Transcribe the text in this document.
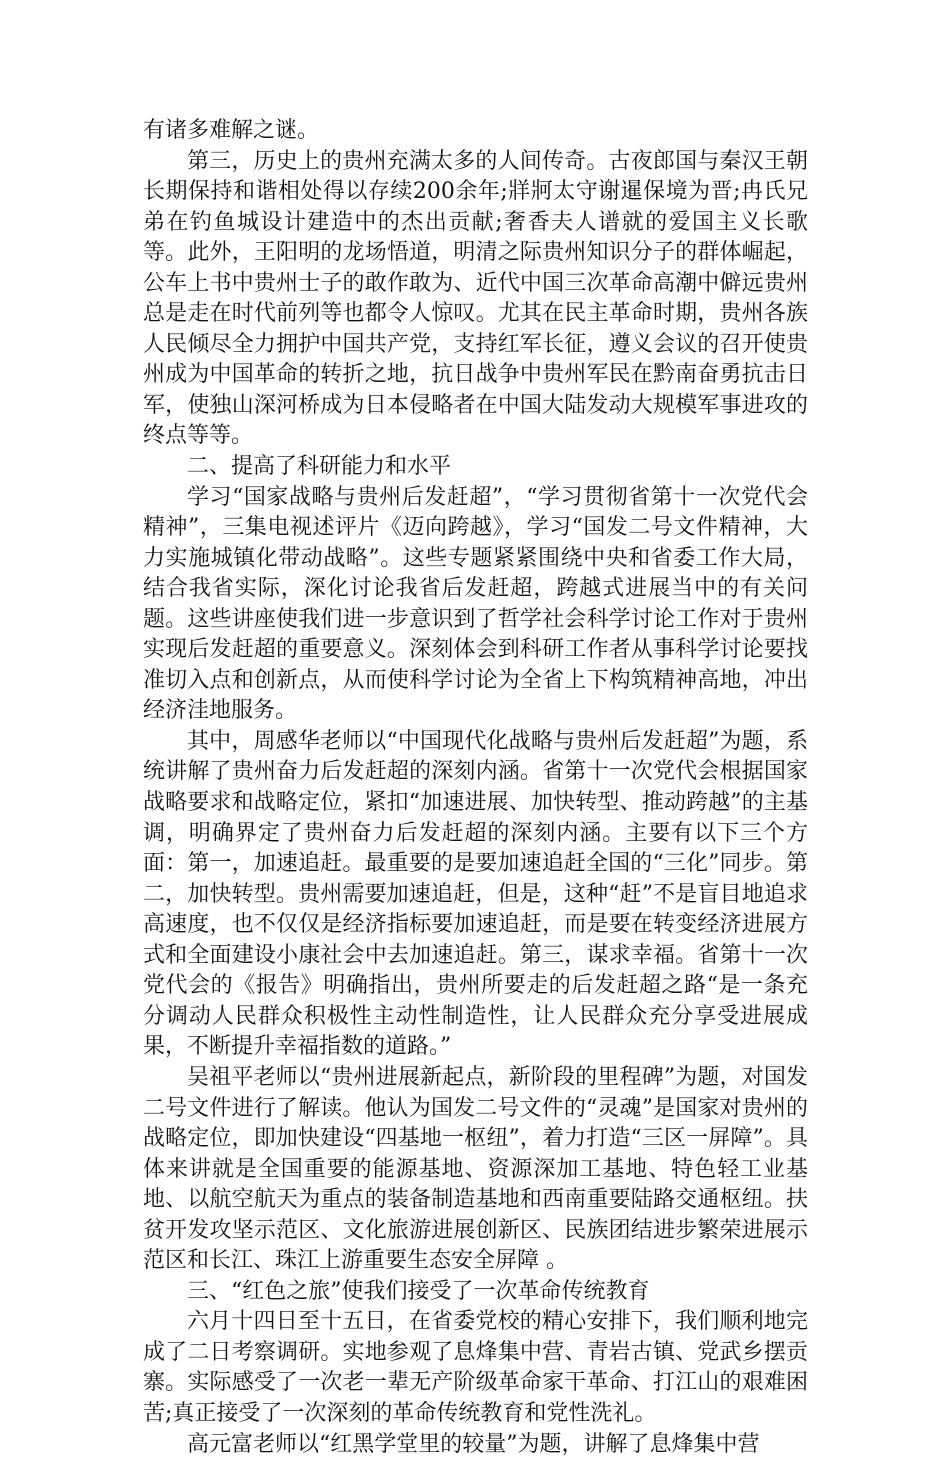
有诸多难解之谜。

第三，历史上的贵州充满太多的人间传奇。古夜郎国与秦汉王朝长期保持和谐相处得以存续200余年;牂牁太守谢暹保境为晋;冉氏兄弟在钓鱼城设计建造中的杰出贡献;奢香夫人谱就的爱国主义长歌等。此外，王阳明的龙场悟道，明清之际贵州知识分子的群体崛起，公车上书中贵州士子的敢作敢为、近代中国三次革命高潮中僻远贵州总是走在时代前列等也都令人惊叹。尤其在民主革命时期，贵州各族人民倾尽全力拥护中国共产党，支持红军长征，遵义会议的召开使贵州成为中国革命的转折之地，抗日战争中贵州军民在黔南奋勇抗击日军，使独山深河桥成为日本侵略者在中国大陆发动大规模军事进攻的终点等等。

二、提高了科研能力和水平

学习“国家战略与贵州后发赶超”，“学习贯彻省第十一次党代会精神”，三集电视述评片《迈向跨越》，学习“国发二号文件精神，大力实施城镇化带动战略”。这些专题紧紧围绕中央和省委工作大局，结合我省实际，深化讨论我省后发赶超，跨越式进展当中的有关问题。这些讲座使我们进一步意识到了哲学社会科学讨论工作对于贵州实现后发赶超的重要意义。深刻体会到科研工作者从事科学讨论要找准切入点和创新点，从而使科学讨论为全省上下构筑精神高地，冲出经济洼地服务。

其中，周感华老师以“中国现代化战略与贵州后发赶超”为题，系统讲解了贵州奋力后发赶超的深刻内涵。省第十一次党代会根据国家战略要求和战略定位，紧扣“加速进展、加快转型、推动跨越”的主基调，明确界定了贵州奋力后发赶超的深刻内涵。主要有以下三个方面：第一，加速追赶。最重要的是要加速追赶全国的“三化”同步。第二，加快转型。贵州需要加速追赶，但是，这种“赶”不是盲目地追求高速度，也不仅仅是经济指标要加速追赶，而是要在转变经济进展方式和全面建设小康社会中去加速追赶。第三，谋求幸福。省第十一次党代会的《报告》明确指出，贵州所要走的后发赶超之路“是一条充分调动人民群众积极性主动性制造性，让人民群众充分享受进展成果，不断提升幸福指数的道路。”

吴祖平老师以“贵州进展新起点，新阶段的里程碑”为题，对国发二号文件进行了解读。他认为国发二号文件的“灵魂”是国家对贵州的战略定位，即加快建设“四基地一枢纽”，着力打造“三区一屏障”。具体来讲就是全国重要的能源基地、资源深加工基地、特色轻工业基地、以航空航天为重点的装备制造基地和西南重要陆路交通枢纽。扶贫开发攻坚示范区、文化旅游进展创新区、民族团结进步繁荣进展示范区和长江、珠江上游重要生态安全屏障 。

三、“红色之旅”使我们接受了一次革命传统教育

六月十四日至十五日，在省委党校的精心安排下，我们顺利地完成了二日考察调研。实地参观了息烽集中营、青岩古镇、党武乡摆贡寨。实际感受了一次老一辈无产阶级革命家干革命、打江山的艰难困苦;真正接受了一次深刻的革命传统教育和党性洗礼。

高元富老师以“红黑学堂里的较量”为题，讲解了息烽集中营
